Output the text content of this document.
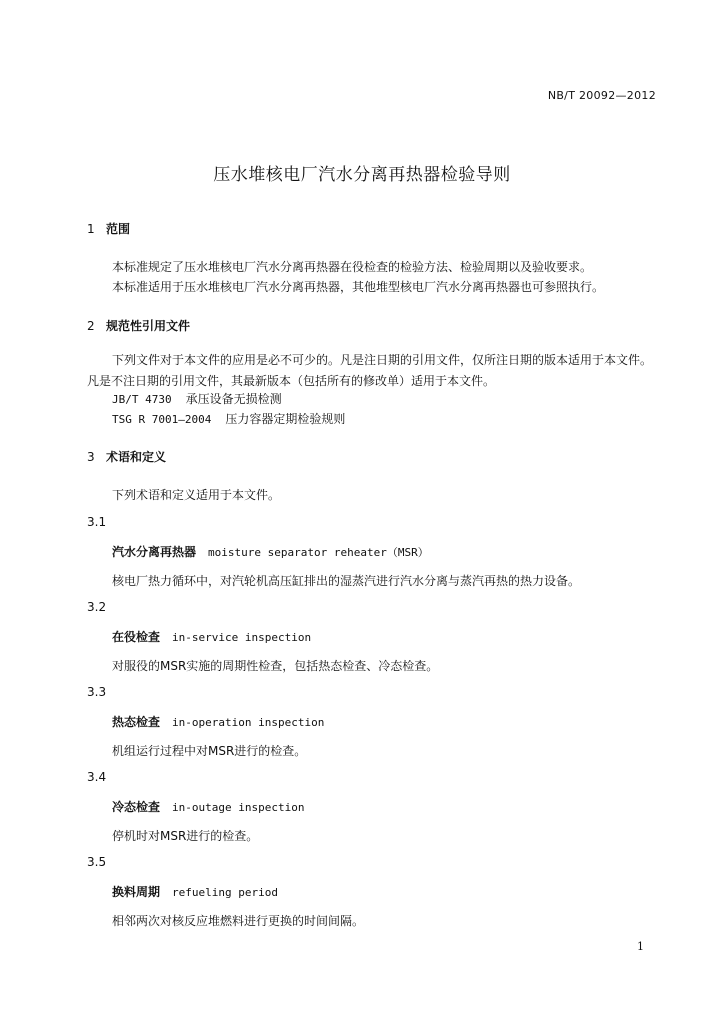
NB/T 20092—2012
压水堆核电厂汽水分离再热器检验导则
1 范围
本标准规定了压水堆核电厂汽水分离再热器在役检查的检验方法、检验周期以及验收要求。
本标准适用于压水堆核电厂汽水分离再热器，其他堆型核电厂汽水分离再热器也可参照执行。
2 规范性引用文件
下列文件对于本文件的应用是必不可少的。凡是注日期的引用文件，仅所注日期的版本适用于本文件。凡是不注日期的引用文件，其最新版本（包括所有的修改单）适用于本文件。
JB/T 4730 承压设备无损检测
TSG R 7001—2004 压力容器定期检验规则
3 术语和定义
下列术语和定义适用于本文件。
3.1
汽水分离再热器 moisture separator reheater（MSR）
核电厂热力循环中，对汽轮机高压缸排出的湿蒸汽进行汽水分离与蒸汽再热的热力设备。
3.2
在役检查 in-service inspection
对服役的MSR实施的周期性检查，包括热态检查、冷态检查。
3.3
热态检查 in-operation inspection
机组运行过程中对MSR进行的检查。
3.4
冷态检查 in-outage inspection
停机时对MSR进行的检查。
3.5
换料周期 refueling period
相邻两次对核反应堆燃料进行更换的时间间隔。
1
